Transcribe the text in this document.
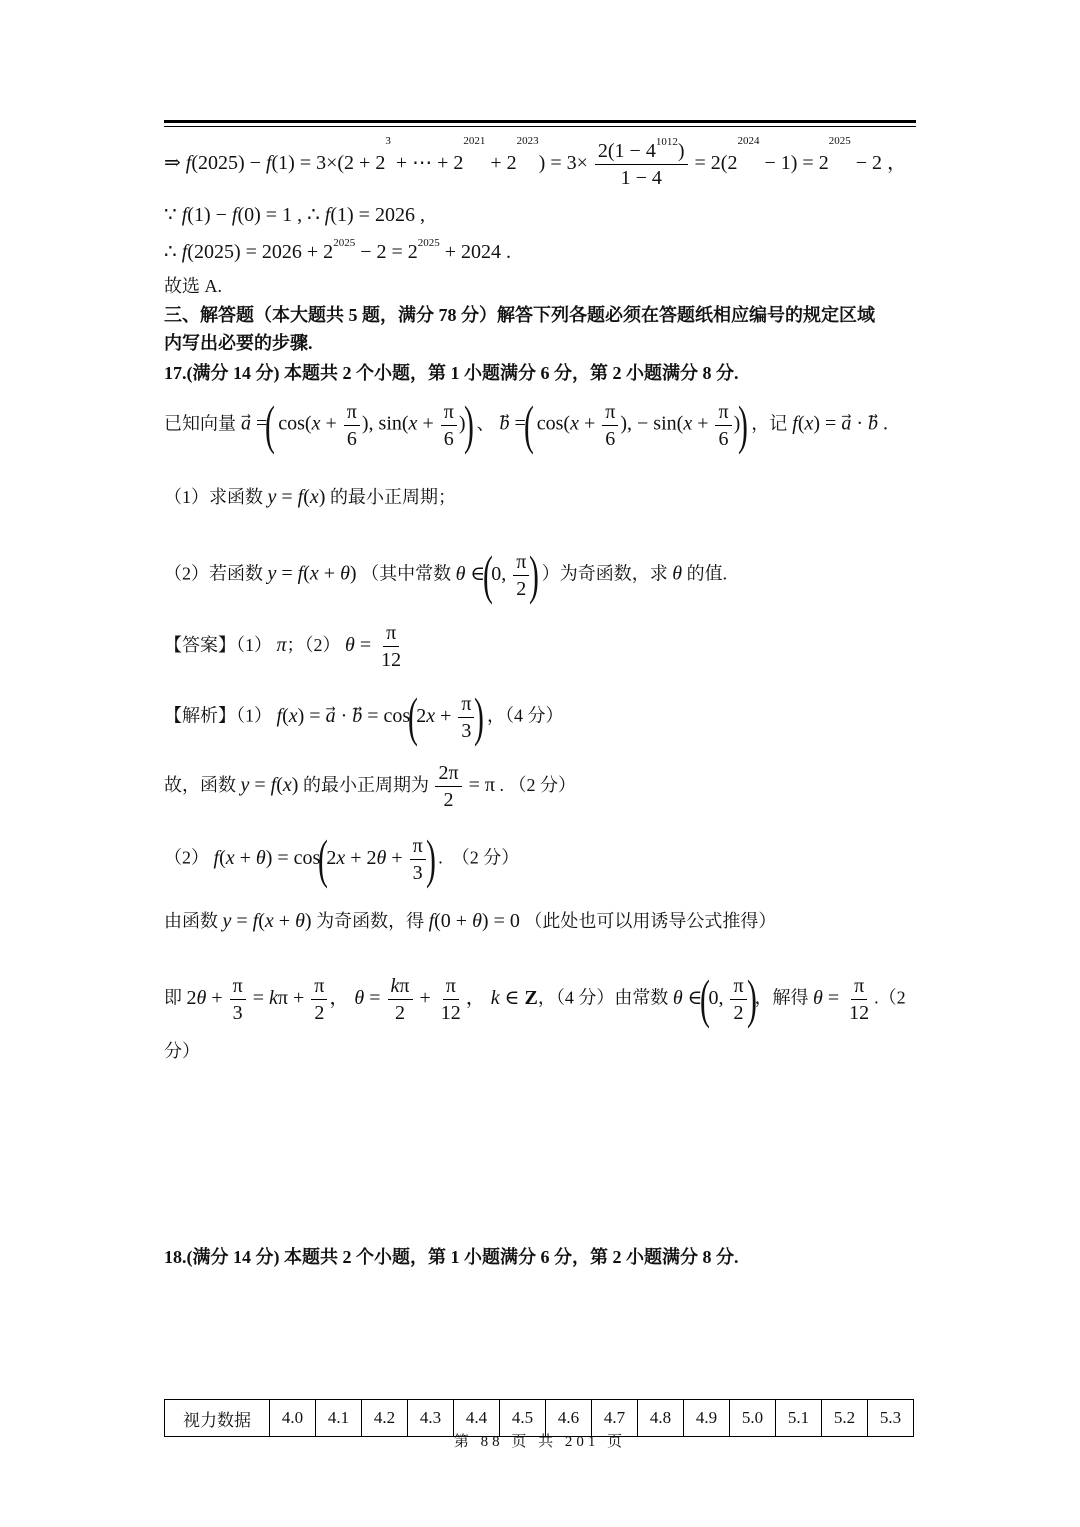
⇒ $f(2025) - f(1) = 3\times(2 + 2^3$ + ⋯ + $2^{2021} + 2^{2023}) = 3\times \frac{2(1 - 4^{1012})}{1 - 4} = 2(2^{2024} - 1) = 2^{2025} - 2$ ，
∵ f(1) − f(0) = 1 , ∴ f(1) = 2026 ,
∴ $f(2025) = 2026 + 2^{2025} - 2 = 2^{2025} + 2024$ .
故选 A.
三、解答题（本大题共 5 题，满分 78 分）解答下列各题必须在答题纸相应编号的规定区域
内写出必要的步骤.
17.(满分 14 分) 本题共 2 个小题，第 1 小题满分 6 分，第 2 小题满分 8 分.
已知向量 a⃗ =( $\cos(x + \frac{\pi}{6}$ ), $\sin(x + \frac{\pi}{6}$ )) 、 b⃗ =( $\cos(x + \frac{\pi}{6}$ ), − $\sin(x + \frac{\pi}{6}$ )) ，记 f(x) = a⃗ · b⃗ .
（1）求函数 y = f(x) 的最小正周期；
（2）若函数 y = f(x + θ) （其中常数 θ ∈(0, $\frac{\pi}{2}$ ) ）为奇函数，求 θ 的值.
【答案】（1） π；（2） $\theta = \frac{\pi}{12}$
【解析】（1） f(x) = a⃗ · b⃗ = $\cos(2x + \frac{\pi}{3}$ ) ，（4 分）
故，函数 y = f(x) 的最小正周期为 $\frac{2\pi}{2} = \pi$ . （2 分）
（2） $f(x + \theta) = \cos(2x + 2\theta + \frac{\pi}{3}$ ) .　（2 分）
由函数 y = f(x + θ) 为奇函数，得 f(0 + θ) = 0 （此处也可以用诱导公式推得）
即 $2\theta + \frac{\pi}{3} = k\pi + \frac{\pi}{2}$ ， $\theta = \frac{k\pi}{2} + \frac{\pi}{12}$ ， k ∈ Z，（4 分）由常数 θ ∈(0, $\frac{\pi}{2}$ )，解得 $\theta = \frac{\pi}{12} .(2$
分）
18.(满分 14 分) 本题共 2 个小题，第 1 小题满分 6 分，第 2 小题满分 8 分.
视力数据	4.0	4.1	4.2	4.3	4.4	4.5	4.6	4.7	4.8	4.9	5.0	5.1	5.2	5.3
第 88 页 共 201 页
